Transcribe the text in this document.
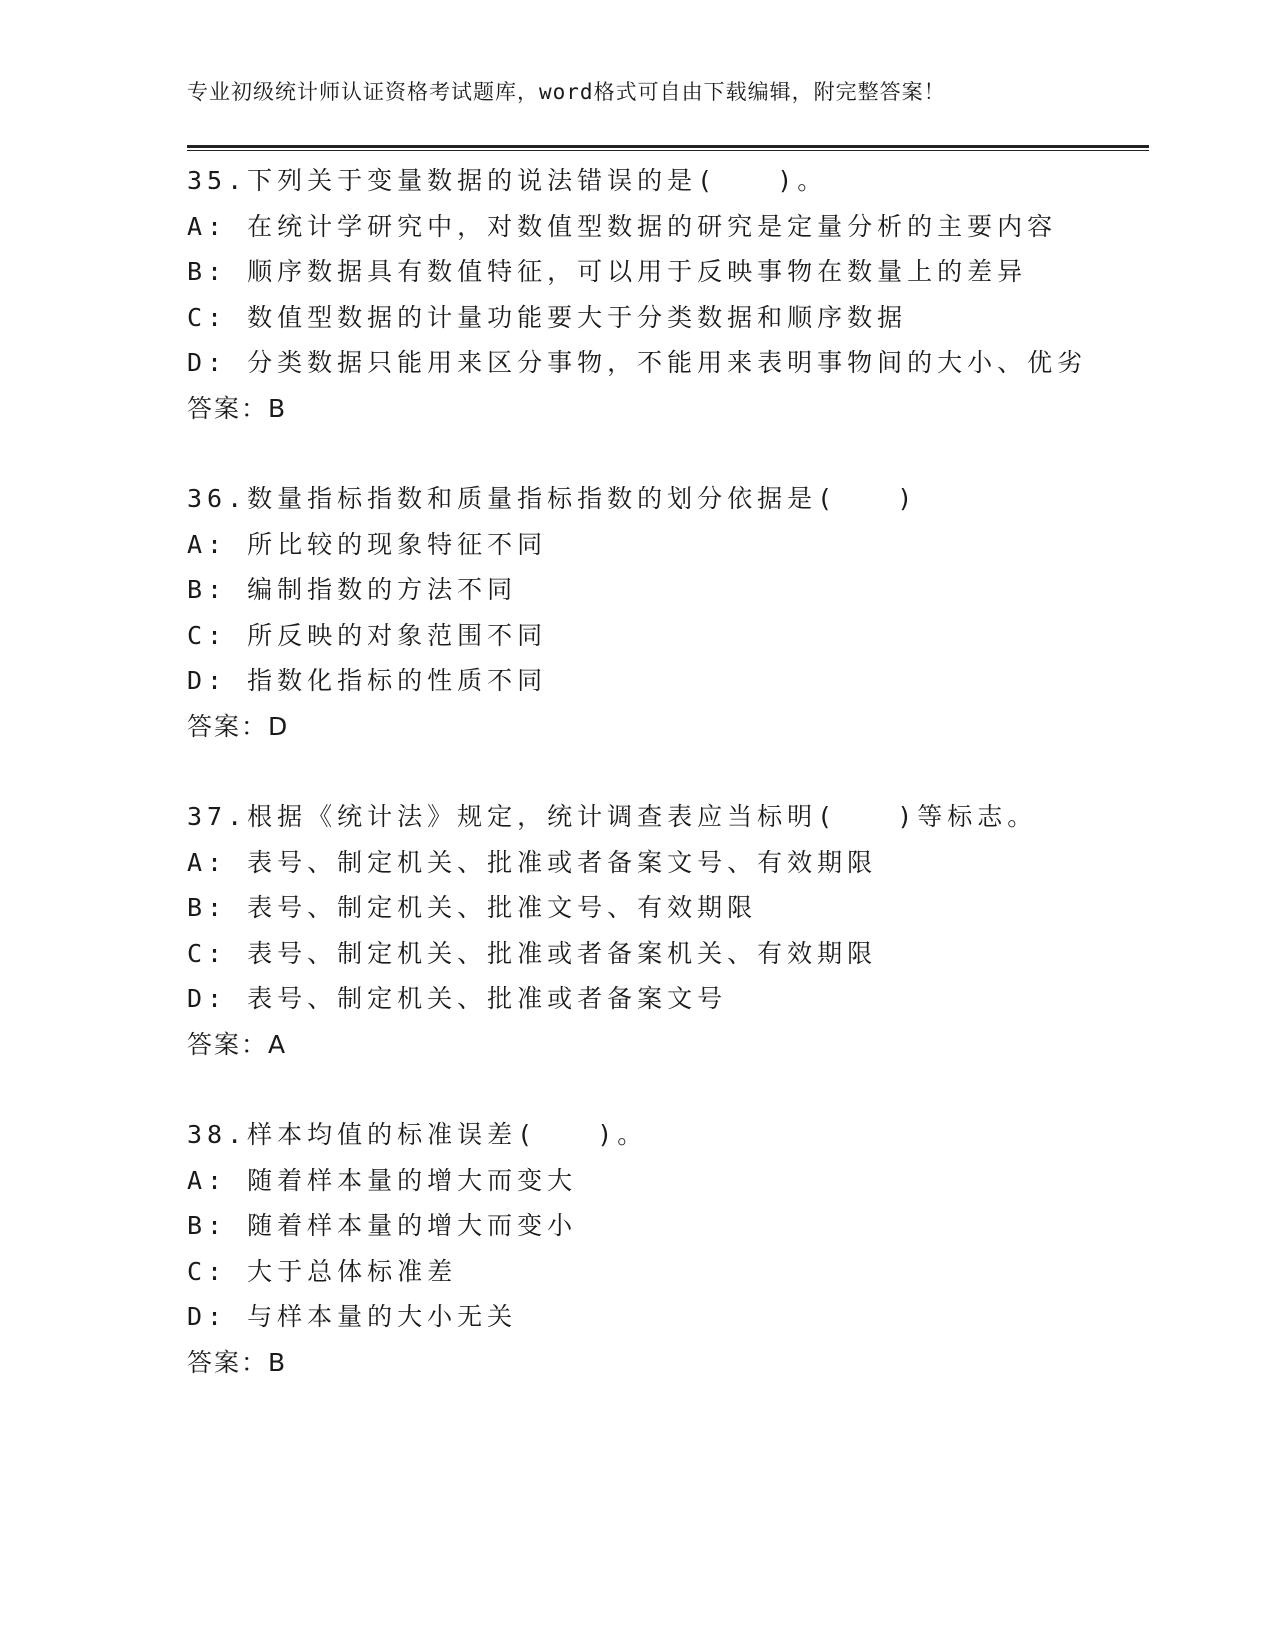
专业初级统计师认证资格考试题库，word格式可自由下载编辑，附完整答案！
35.下列关于变量数据的说法错误的是(　　)。
A: 在统计学研究中，对数值型数据的研究是定量分析的主要内容
B: 顺序数据具有数值特征，可以用于反映事物在数量上的差异
C: 数值型数据的计量功能要大于分类数据和顺序数据
D: 分类数据只能用来区分事物，不能用来表明事物间的大小、优劣
答案：B
36.数量指标指数和质量指标指数的划分依据是(　　)
A: 所比较的现象特征不同
B: 编制指数的方法不同
C: 所反映的对象范围不同
D: 指数化指标的性质不同
答案：D
37.根据《统计法》规定，统计调查表应当标明(　　)等标志。
A: 表号、制定机关、批准或者备案文号、有效期限
B: 表号、制定机关、批准文号、有效期限
C: 表号、制定机关、批准或者备案机关、有效期限
D: 表号、制定机关、批准或者备案文号
答案：A
38.样本均值的标准误差(　　)。
A: 随着样本量的增大而变大
B: 随着样本量的增大而变小
C: 大于总体标准差
D: 与样本量的大小无关
答案：B
